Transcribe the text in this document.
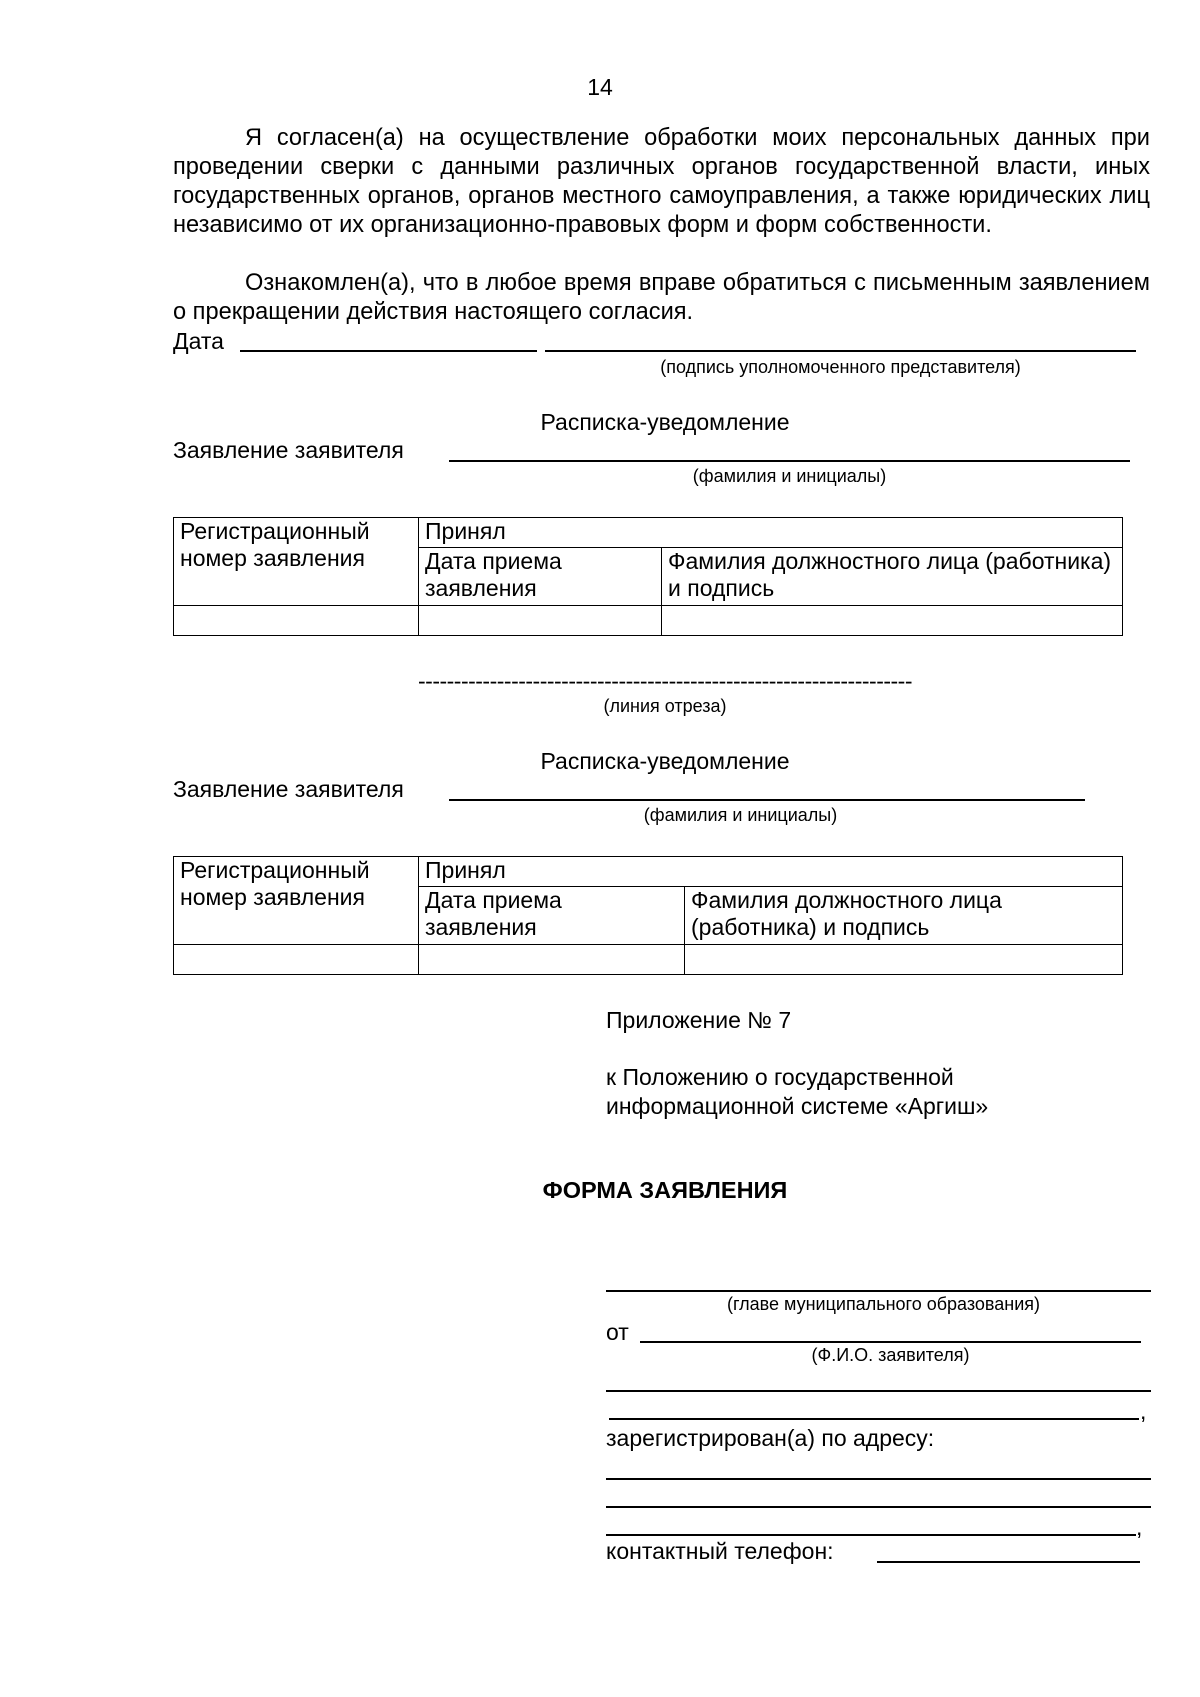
14

Я согласен(а) на осуществление обработки моих персональных данных при проведении сверки с данными различных органов государственной власти, иных государственных органов, органов местного самоуправления, а также юридических лиц независимо от их организационно-правовых форм и форм собственности.

Ознакомлен(а), что в любое время вправе обратиться с письменным заявлением о прекращении действия настоящего согласия.

Дата
(подпись уполномоченного представителя)
Расписка-уведомление
Заявление заявителя
(фамилия и инициалы)
Регистрационный номер заявления	Принял	
	Дата приема заявления	Фамилия должностного лица (работника) и подпись

---------------------------------------------------------------------
(линия отреза)
Расписка-уведомление
Заявление заявителя
(фамилия и инициалы)
Регистрационный номер заявления	Принял	
	Дата приема заявления	Фамилия должностного лица (работника) и подпись

Приложение № 7
к Положению о государственной информационной системе «Аргиш»
ФОРМА ЗАЯВЛЕНИЯ
(главе муниципального образования)
от
(Ф.И.О. заявителя)
,
зарегистрирован(а) по адресу:
,
контактный телефон:
